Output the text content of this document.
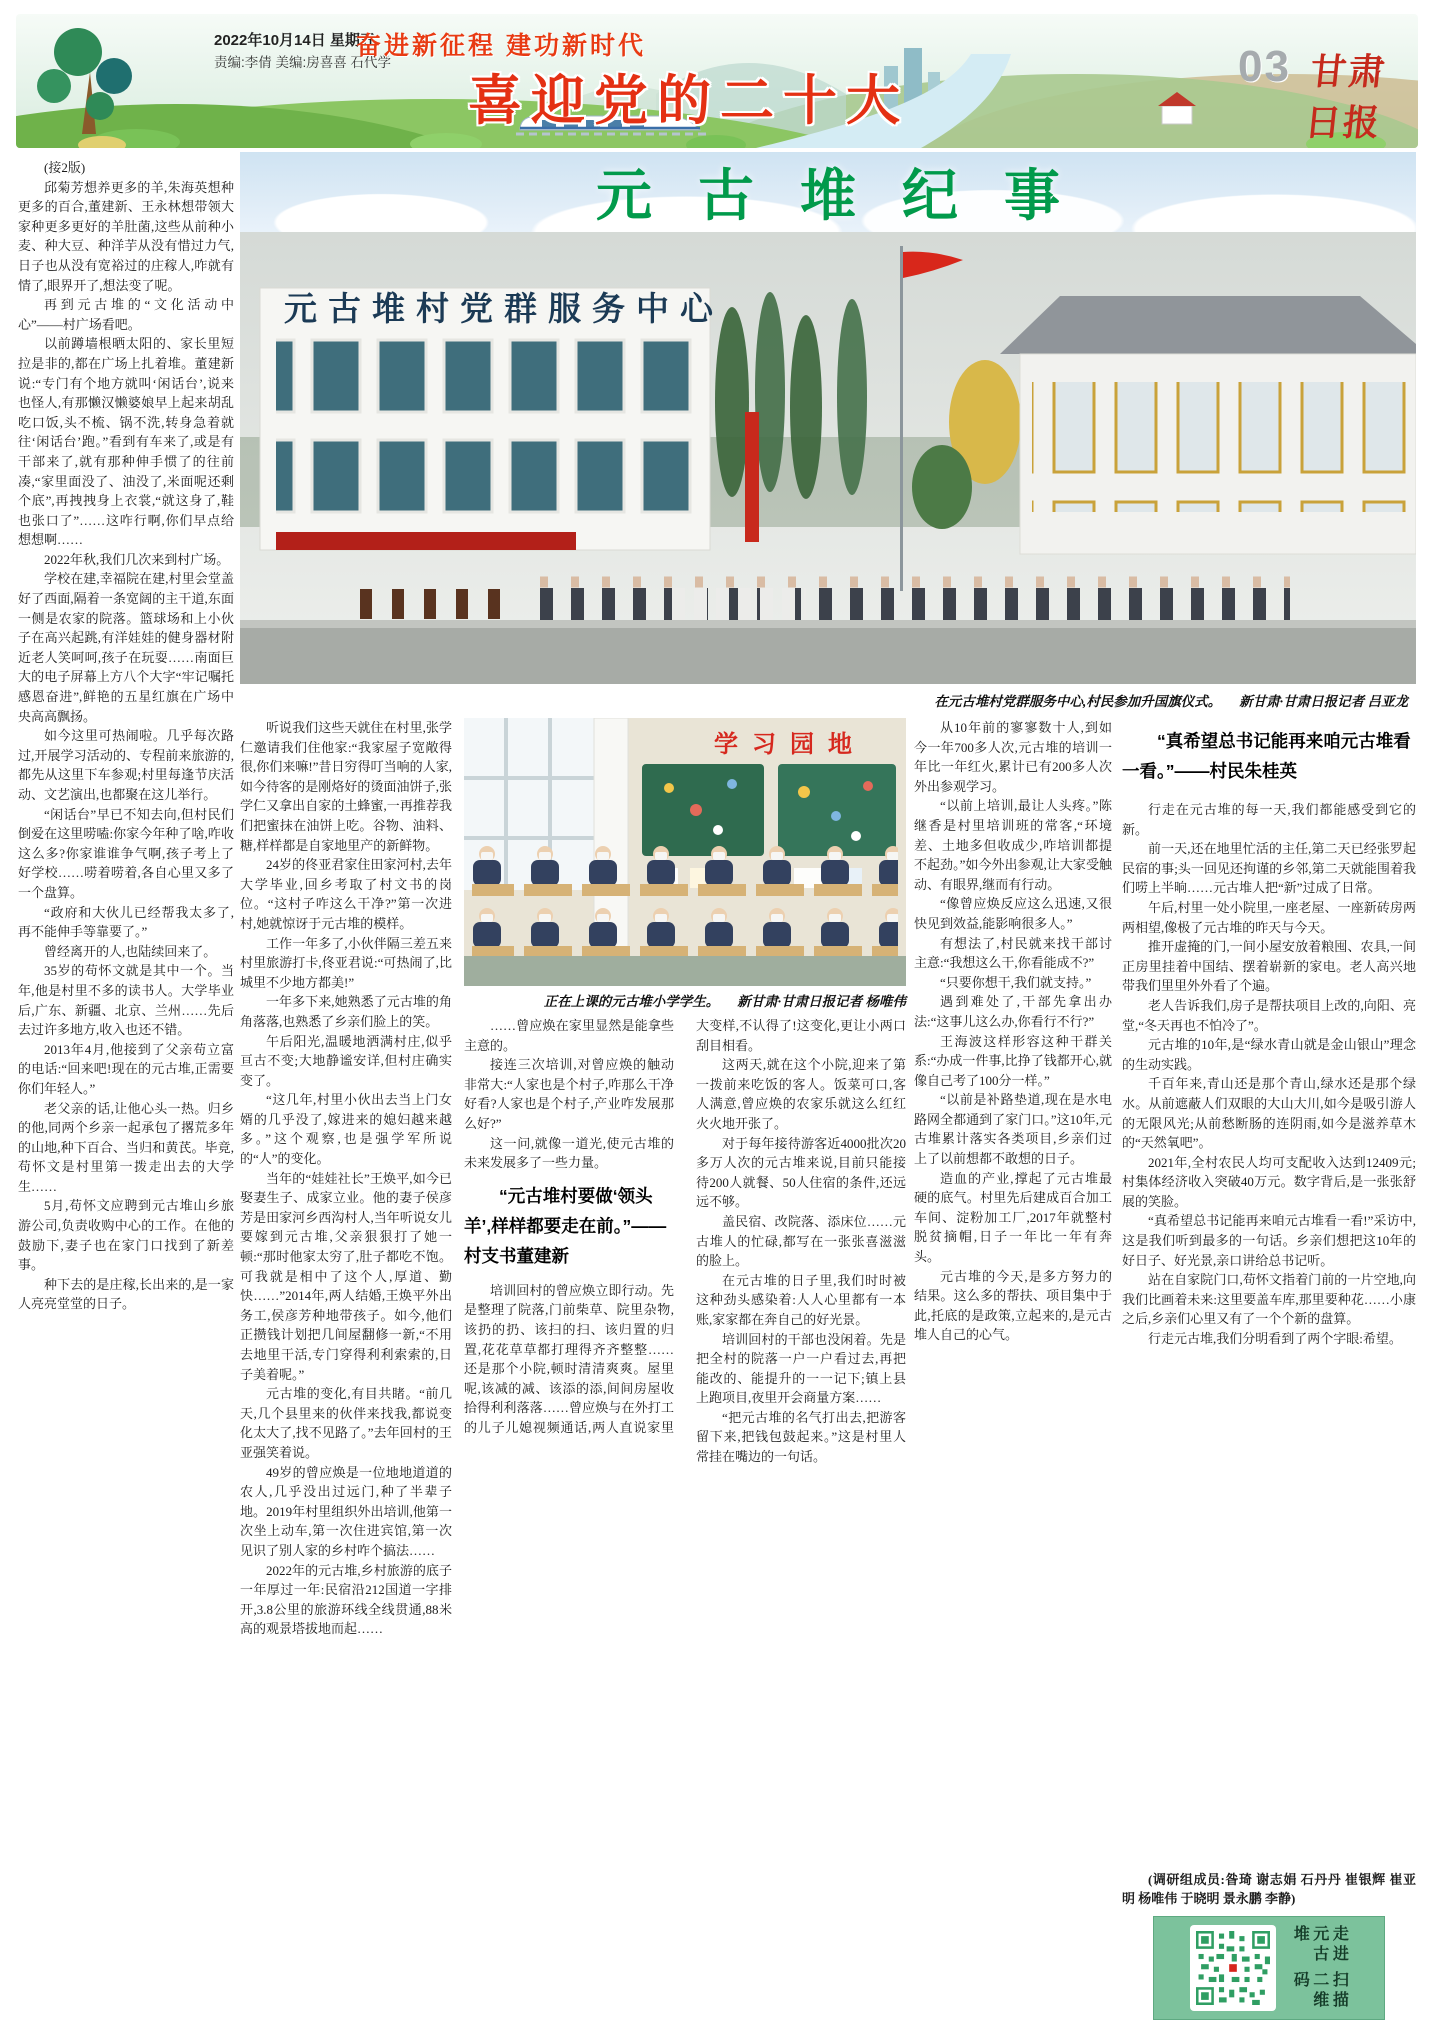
2022年10月14日 星期五
责编:李倩 美编:房喜喜 石代学
奋进新征程 建功新时代
喜迎党的二十大
03 甘肃日报
元古堆纪事
元古堆村党群服务中心
在元古堆村党群服务中心,村民参加升国旗仪式。 新甘肃·甘肃日报记者 吕亚龙

(接2版)

邱菊芳想养更多的羊,朱海英想种更多的百合,董建新、王永林想带领大家种更多更好的羊肚菌,这些从前种小麦、种大豆、种洋芋从没有惜过力气,日子也从没有宽裕过的庄稼人,咋就有情了,眼界开了,想法变了呢。

再到元古堆的“文化活动中心”——村广场看吧。

以前蹲墙根晒太阳的、家长里短拉是非的,都在广场上扎着堆。董建新说:“专门有个地方就叫‘闲话台’,说来也怪人,有那懒汉懒婆娘早上起来胡乱吃口饭,头不梳、锅不洗,转身急着就往‘闲话台’跑。”看到有车来了,或是有干部来了,就有那种伸手惯了的往前凑,“家里面没了、油没了,米面呢还剩个底”,再拽拽身上衣裳,“就这身了,鞋也张口了”……这咋行啊,你们早点给想想啊……

2022年秋,我们几次来到村广场。

学校在建,幸福院在建,村里会堂盖好了西面,隔着一条宽阔的主干道,东面一侧是农家的院落。篮球场和上小伙子在高兴起跳,有洋娃娃的健身器材附近老人笑呵呵,孩子在玩耍……南面巨大的电子屏幕上方八个大字“牢记嘱托 感恩奋进”,鲜艳的五星红旗在广场中央高高飘扬。

如今这里可热闹啦。几乎每次路过,开展学习活动的、专程前来旅游的,都先从这里下车参观;村里每逢节庆活动、文艺演出,也都聚在这儿举行。

“闲话台”早已不知去向,但村民们倒爱在这里唠嗑:你家今年种了啥,咋收这么多?你家谁谁争气啊,孩子考上了好学校……唠着唠着,各自心里又多了一个盘算。

“政府和大伙儿已经帮我太多了,再不能伸手等靠要了。”

曾经离开的人,也陆续回来了。

35岁的苟怀文就是其中一个。当年,他是村里不多的读书人。大学毕业后,广东、新疆、北京、兰州……先后去过许多地方,收入也还不错。

2013年4月,他接到了父亲苟立富的电话:“回来吧!现在的元古堆,正需要你们年轻人。”

老父亲的话,让他心头一热。归乡的他,同两个乡亲一起承包了撂荒多年的山地,种下百合、当归和黄芪。毕竟,苟怀文是村里第一拨走出去的大学生……

5月,苟怀文应聘到元古堆山乡旅游公司,负责收购中心的工作。在他的鼓励下,妻子也在家门口找到了新差事。

种下去的是庄稼,长出来的,是一家人亮亮堂堂的日子。

听说我们这些天就住在村里,张学仁邀请我们住他家:“我家屋子宽敞得很,你们来嘛!”昔日穷得叮当响的人家,如今待客的是刚烙好的烫面油饼子,张学仁又拿出自家的土蜂蜜,一再推荐我们把蜜抹在油饼上吃。谷物、油料、糖,样样都是自家地里产的新鲜物。

24岁的佟亚君家住田家河村,去年大学毕业,回乡考取了村文书的岗位。“这村子咋这么干净?”第一次进村,她就惊讶于元古堆的模样。

工作一年多了,小伙伴隔三差五来村里旅游打卡,佟亚君说:“可热闹了,比城里不少地方都美!”

一年多下来,她熟悉了元古堆的角角落落,也熟悉了乡亲们脸上的笑。

午后阳光,温暖地洒满村庄,似乎亘古不变;大地静谧安详,但村庄确实变了。

“这几年,村里小伙出去当上门女婿的几乎没了,嫁进来的媳妇越来越多。”这个观察,也是强学军所说的“人”的变化。

当年的“娃娃社长”王焕平,如今已娶妻生子、成家立业。他的妻子侯彦芳是田家河乡西沟村人,当年听说女儿要嫁到元古堆,父亲狠狠打了她一顿:“那时他家太穷了,肚子都吃不饱。可我就是相中了这个人,厚道、勤快……”2014年,两人结婚,王焕平外出务工,侯彦芳种地带孩子。如今,他们正攒钱计划把几间屋翻修一新,“不用去地里干活,专门穿得利利索索的,日子美着呢。”

元古堆的变化,有目共睹。“前几天,几个县里来的伙伴来找我,都说变化太大了,找不见路了。”去年回村的王亚强笑着说。

49岁的曾应焕是一位地地道道的农人,几乎没出过远门,种了半辈子地。2019年村里组织外出培训,他第一次坐上动车,第一次住进宾馆,第一次见识了别人家的乡村咋个搞法……

2022年的元古堆,乡村旅游的底子一年厚过一年:民宿沿212国道一字排开,3.8公里的旅游环线全线贯通,88米高的观景塔拔地而起……

学习园地
正在上课的元古堆小学学生。 新甘肃·甘肃日报记者 杨唯伟

……曾应焕在家里显然是能拿些主意的。

接连三次培训,对曾应焕的触动非常大:“人家也是个村子,咋那么干净好看?人家也是个村子,产业咋发展那么好?”

这一问,就像一道光,使元古堆的未来发展多了一些力量。

“元古堆村要做‘领头羊’,样样都要走在前。”——村支书董建新

培训回村的曾应焕立即行动。先是整理了院落,门前柴草、院里杂物,该扔的扔、该扫的扫、该归置的归置,花花草草都打理得齐齐整整……还是那个小院,顿时清清爽爽。屋里呢,该减的减、该添的添,间间房屋收拾得利利落落……曾应焕与在外打工的儿子儿媳视频通话,两人直说家里大变样,不认得了!这变化,更让小两口刮目相看。

这两天,就在这个小院,迎来了第一拨前来吃饭的客人。饭菜可口,客人满意,曾应焕的农家乐就这么红红火火地开张了。

对于每年接待游客近4000批次20多万人次的元古堆来说,目前只能接待200人就餐、50人住宿的条件,还远远不够。

盖民宿、改院落、添床位……元古堆人的忙碌,都写在一张张喜滋滋的脸上。

在元古堆的日子里,我们时时被这种劲头感染着:人人心里都有一本账,家家都在奔自己的好光景。

培训回村的干部也没闲着。先是把全村的院落一户一户看过去,再把能改的、能提升的一一记下;镇上县上跑项目,夜里开会商量方案……

“把元古堆的名气打出去,把游客留下来,把钱包鼓起来。”这是村里人常挂在嘴边的一句话。

从10年前的寥寥数十人,到如今一年700多人次,元古堆的培训一年比一年红火,累计已有200多人次外出参观学习。

“以前上培训,最让人头疼。”陈继香是村里培训班的常客,“环境差、土地多但收成少,咋培训都提不起劲。”如今外出参观,让大家受触动、有眼界,继而有行动。

“像曾应焕反应这么迅速,又很快见到效益,能影响很多人。”

有想法了,村民就来找干部讨主意:“我想这么干,你看能成不?”

“只要你想干,我们就支持。”

遇到难处了,干部先拿出办法:“这事儿这么办,你看行不行?”

王海波这样形容这种干群关系:“办成一件事,比挣了钱都开心,就像自己考了100分一样。”

“以前是补路垫道,现在是水电路网全都通到了家门口。”这10年,元古堆累计落实各类项目,乡亲们过上了以前想都不敢想的日子。

造血的产业,撑起了元古堆最硬的底气。村里先后建成百合加工车间、淀粉加工厂,2017年就整村脱贫摘帽,日子一年比一年有奔头。

元古堆的今天,是多方努力的结果。这么多的帮扶、项目集中于此,托底的是政策,立起来的,是元古堆人自己的心气。

“真希望总书记能再来咱元古堆看一看。”——村民朱桂英

行走在元古堆的每一天,我们都能感受到它的新。

前一天,还在地里忙活的主任,第二天已经张罗起民宿的事;头一回见还拘谨的乡邻,第二天就能围着我们唠上半晌……元古堆人把“新”过成了日常。

午后,村里一处小院里,一座老屋、一座新砖房两两相望,像极了元古堆的昨天与今天。

推开虚掩的门,一间小屋安放着粮囤、农具,一间正房里挂着中国结、摆着崭新的家电。老人高兴地带我们里里外外看了个遍。

老人告诉我们,房子是帮扶项目上改的,向阳、亮堂,“冬天再也不怕冷了”。

元古堆的10年,是“绿水青山就是金山银山”理念的生动实践。

千百年来,青山还是那个青山,绿水还是那个绿水。从前遮蔽人们双眼的大山大川,如今是吸引游人的无限风光;从前愁断肠的连阴雨,如今是滋养草木的“天然氧吧”。

2021年,全村农民人均可支配收入达到12409元;村集体经济收入突破40万元。数字背后,是一张张舒展的笑脸。

“真希望总书记能再来咱元古堆看一看!”采访中,这是我们听到最多的一句话。乡亲们想把这10年的好日子、好光景,亲口讲给总书记听。

站在自家院门口,苟怀文指着门前的一片空地,向我们比画着未来:这里要盖车库,那里要种花……小康之后,乡亲们心里又有了一个个新的盘算。

行走元古堆,我们分明看到了两个字眼:希望。

(调研组成员:昝琦 谢志娟 石丹丹 崔银辉 崔亚明 杨唯伟 于晓明 景永鹏 李静)
走进元古堆
扫描二维码
